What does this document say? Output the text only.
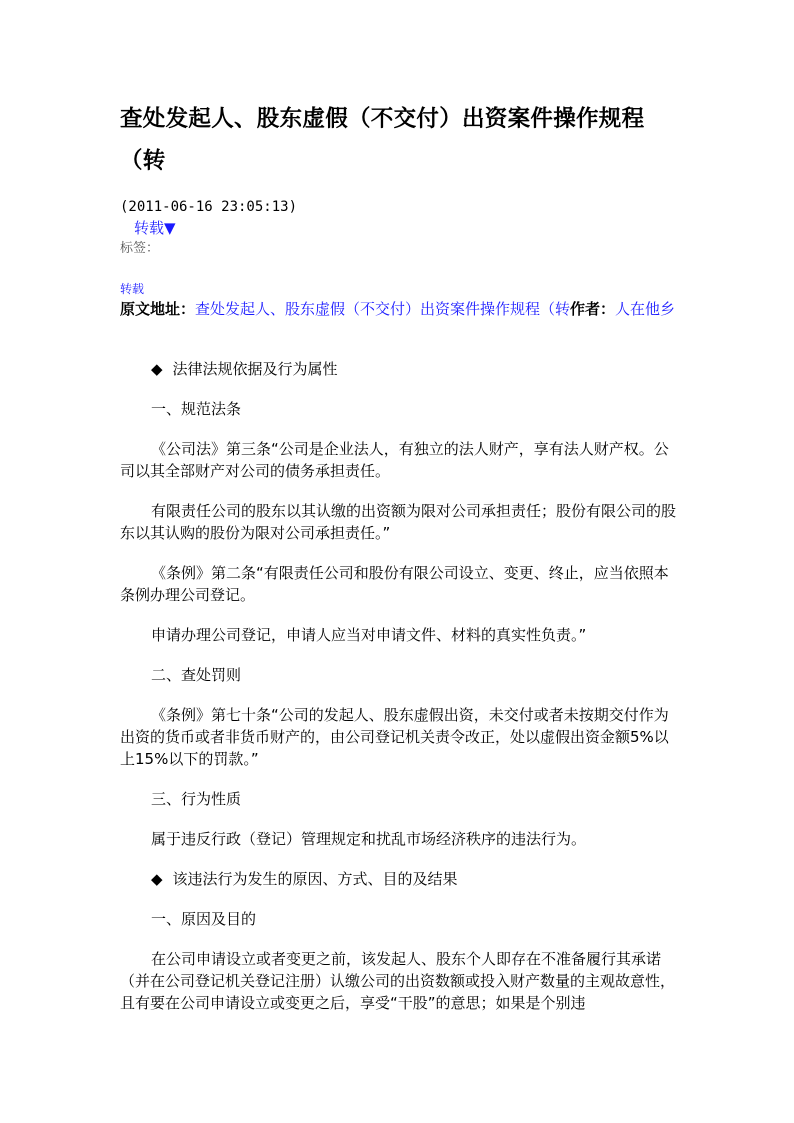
查处发起人、股东虚假（不交付）出资案件操作规程（转
(2011-06-16 23:05:13)
转载▼
标签：
转载
原文地址：查处发起人、股东虚假（不交付）出资案件操作规程（转作者：人在他乡

◆ 法律法规依据及行为属性

一、规范法条

《公司法》第三条“公司是企业法人，有独立的法人财产，享有法人财产权。公司以其全部财产对公司的债务承担责任。

有限责任公司的股东以其认缴的出资额为限对公司承担责任；股份有限公司的股东以其认购的股份为限对公司承担责任。”

《条例》第二条“有限责任公司和股份有限公司设立、变更、终止，应当依照本条例办理公司登记。

申请办理公司登记，申请人应当对申请文件、材料的真实性负责。”

二、查处罚则

《条例》第七十条“公司的发起人、股东虚假出资，未交付或者未按期交付作为出资的货币或者非货币财产的，由公司登记机关责令改正，处以虚假出资金额5%以上15%以下的罚款。”

三、行为性质

属于违反行政（登记）管理规定和扰乱市场经济秩序的违法行为。

◆ 该违法行为发生的原因、方式、目的及结果

一、原因及目的

在公司申请设立或者变更之前，该发起人、股东个人即存在不准备履行其承诺（并在公司登记机关登记注册）认缴公司的出资数额或投入财产数量的主观故意性，且有要在公司申请设立或变更之后，享受“干股”的意思；如果是个别违
